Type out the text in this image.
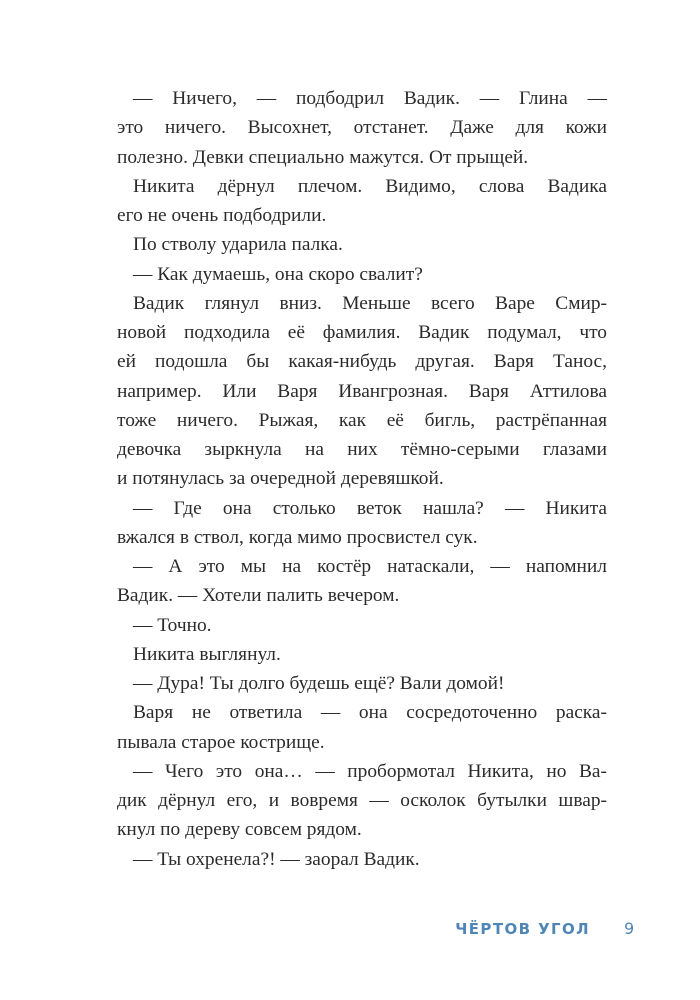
— Ничего, — подбодрил Вадик. — Глина —
это ничего. Высохнет, отстанет. Даже для кожи
полезно. Девки специально мажутся. От прыщей.
Никита дёрнул плечом. Видимо, слова Вадика
его не очень подбодрили.
По стволу ударила палка.
— Как думаешь, она скоро свалит?
Вадик глянул вниз. Меньше всего Варе Смир-
новой подходила её фамилия. Вадик подумал, что
ей подошла бы какая-нибудь другая. Варя Танос,
например. Или Варя Ивангрозная. Варя Аттилова
тоже ничего. Рыжая, как её бигль, растрёпанная
девочка зыркнула на них тёмно-серыми глазами
и потянулась за очередной деревяшкой.
— Где она столько веток нашла? — Никита
вжался в ствол, когда мимо просвистел сук.
— А это мы на костёр натаскали, — напомнил
Вадик. — Хотели палить вечером.
— Точно.
Никита выглянул.
— Дура! Ты долго будешь ещё? Вали домой!
Варя не ответила — она сосредоточенно раска-
пывала старое кострище.
— Чего это она… — пробормотал Никита, но Ва-
дик дёрнул его, и вовремя — осколок бутылки швар-
кнул по дереву совсем рядом.
— Ты охренела?! — заорал Вадик.
ЧЁРТОВ УГОЛ 9
